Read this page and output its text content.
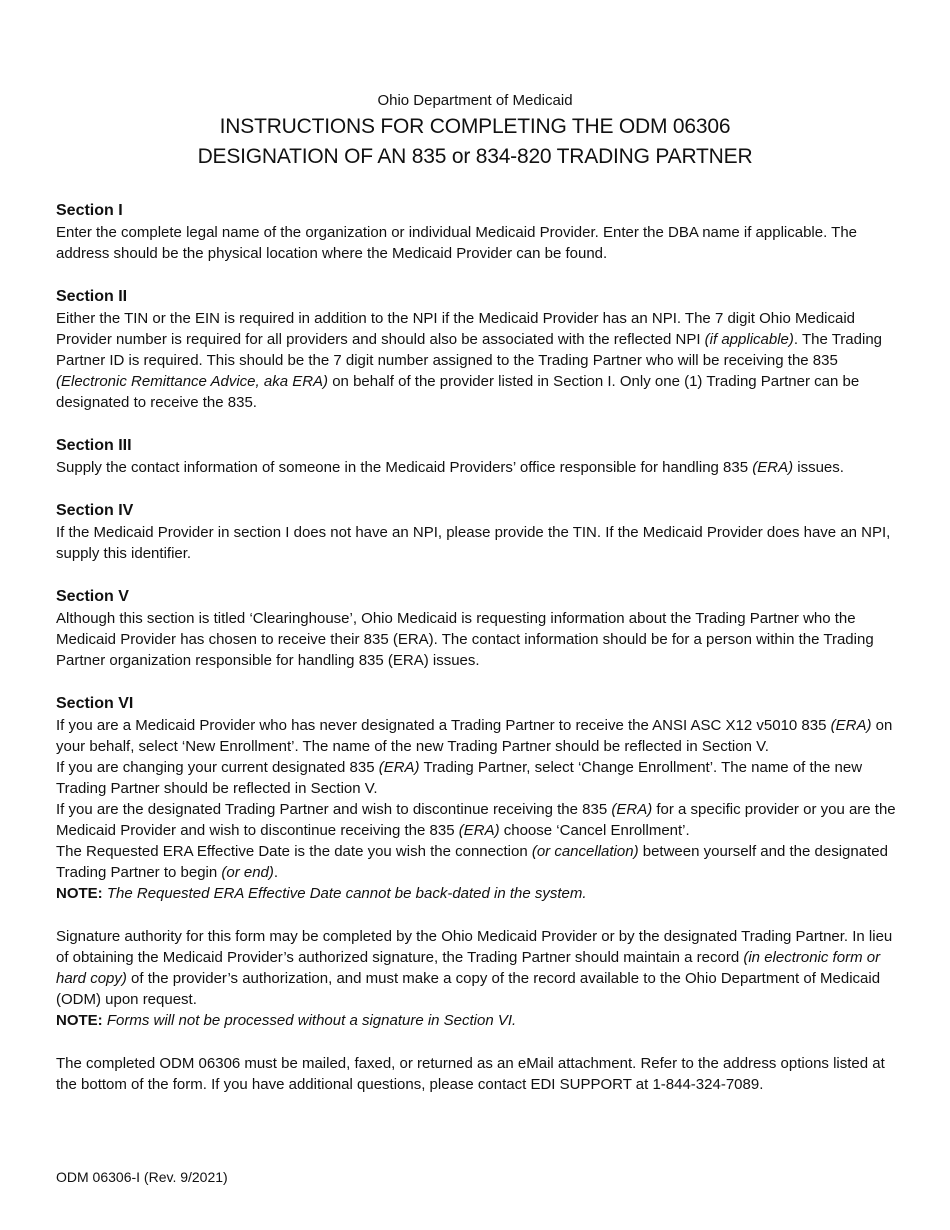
Ohio Department of Medicaid

INSTRUCTIONS FOR COMPLETING THE ODM 06306

DESIGNATION OF AN 835 or 834-820 TRADING PARTNER

Section I

Enter the complete legal name of the organization or individual Medicaid Provider. Enter the DBA name if applicable. The address should be the physical location where the Medicaid Provider can be found.

Section II

Either the TIN or the EIN is required in addition to the NPI if the Medicaid Provider has an NPI. The 7 digit Ohio Medicaid Provider number is required for all providers and should also be associated with the reflected NPI (if applicable). The Trading Partner ID is required. This should be the 7 digit number assigned to the Trading Partner who will be receiving the 835 (Electronic Remittance Advice, aka ERA) on behalf of the provider listed in Section I. Only one (1) Trading Partner can be designated to receive the 835.

Section III

Supply the contact information of someone in the Medicaid Providers’ office responsible for handling 835 (ERA) issues.

Section IV

If the Medicaid Provider in section I does not have an NPI, please provide the TIN. If the Medicaid Provider does have an NPI, supply this identifier.

Section V

Although this section is titled ‘Clearinghouse’, Ohio Medicaid is requesting information about the Trading Partner who the Medicaid Provider has chosen to receive their 835 (ERA). The contact information should be for a person within the Trading Partner organization responsible for handling 835 (ERA) issues.

Section VI

If you are a Medicaid Provider who has never designated a Trading Partner to receive the ANSI ASC X12 v5010 835 (ERA) on your behalf, select ‘New Enrollment’. The name of the new Trading Partner should be reflected in Section V.

If you are changing your current designated 835 (ERA) Trading Partner, select ‘Change Enrollment’. The name of the new Trading Partner should be reflected in Section V.

If you are the designated Trading Partner and wish to discontinue receiving the 835 (ERA) for a specific provider or you are the Medicaid Provider and wish to discontinue receiving the 835 (ERA) choose ‘Cancel Enrollment’.

The Requested ERA Effective Date is the date you wish the connection (or cancellation) between yourself and the designated Trading Partner to begin (or end).

NOTE: The Requested ERA Effective Date cannot be back-dated in the system.

Signature authority for this form may be completed by the Ohio Medicaid Provider or by the designated Trading Partner. In lieu of obtaining the Medicaid Provider’s authorized signature, the Trading Partner should maintain a record (in electronic form or hard copy) of the provider’s authorization, and must make a copy of the record available to the Ohio Department of Medicaid (ODM) upon request.

NOTE: Forms will not be processed without a signature in Section VI.

The completed ODM 06306 must be mailed, faxed, or returned as an eMail attachment. Refer to the address options listed at the bottom of the form. If you have additional questions, please contact EDI SUPPORT at 1-844-324-7089.

ODM 06306-I (Rev. 9/2021)
